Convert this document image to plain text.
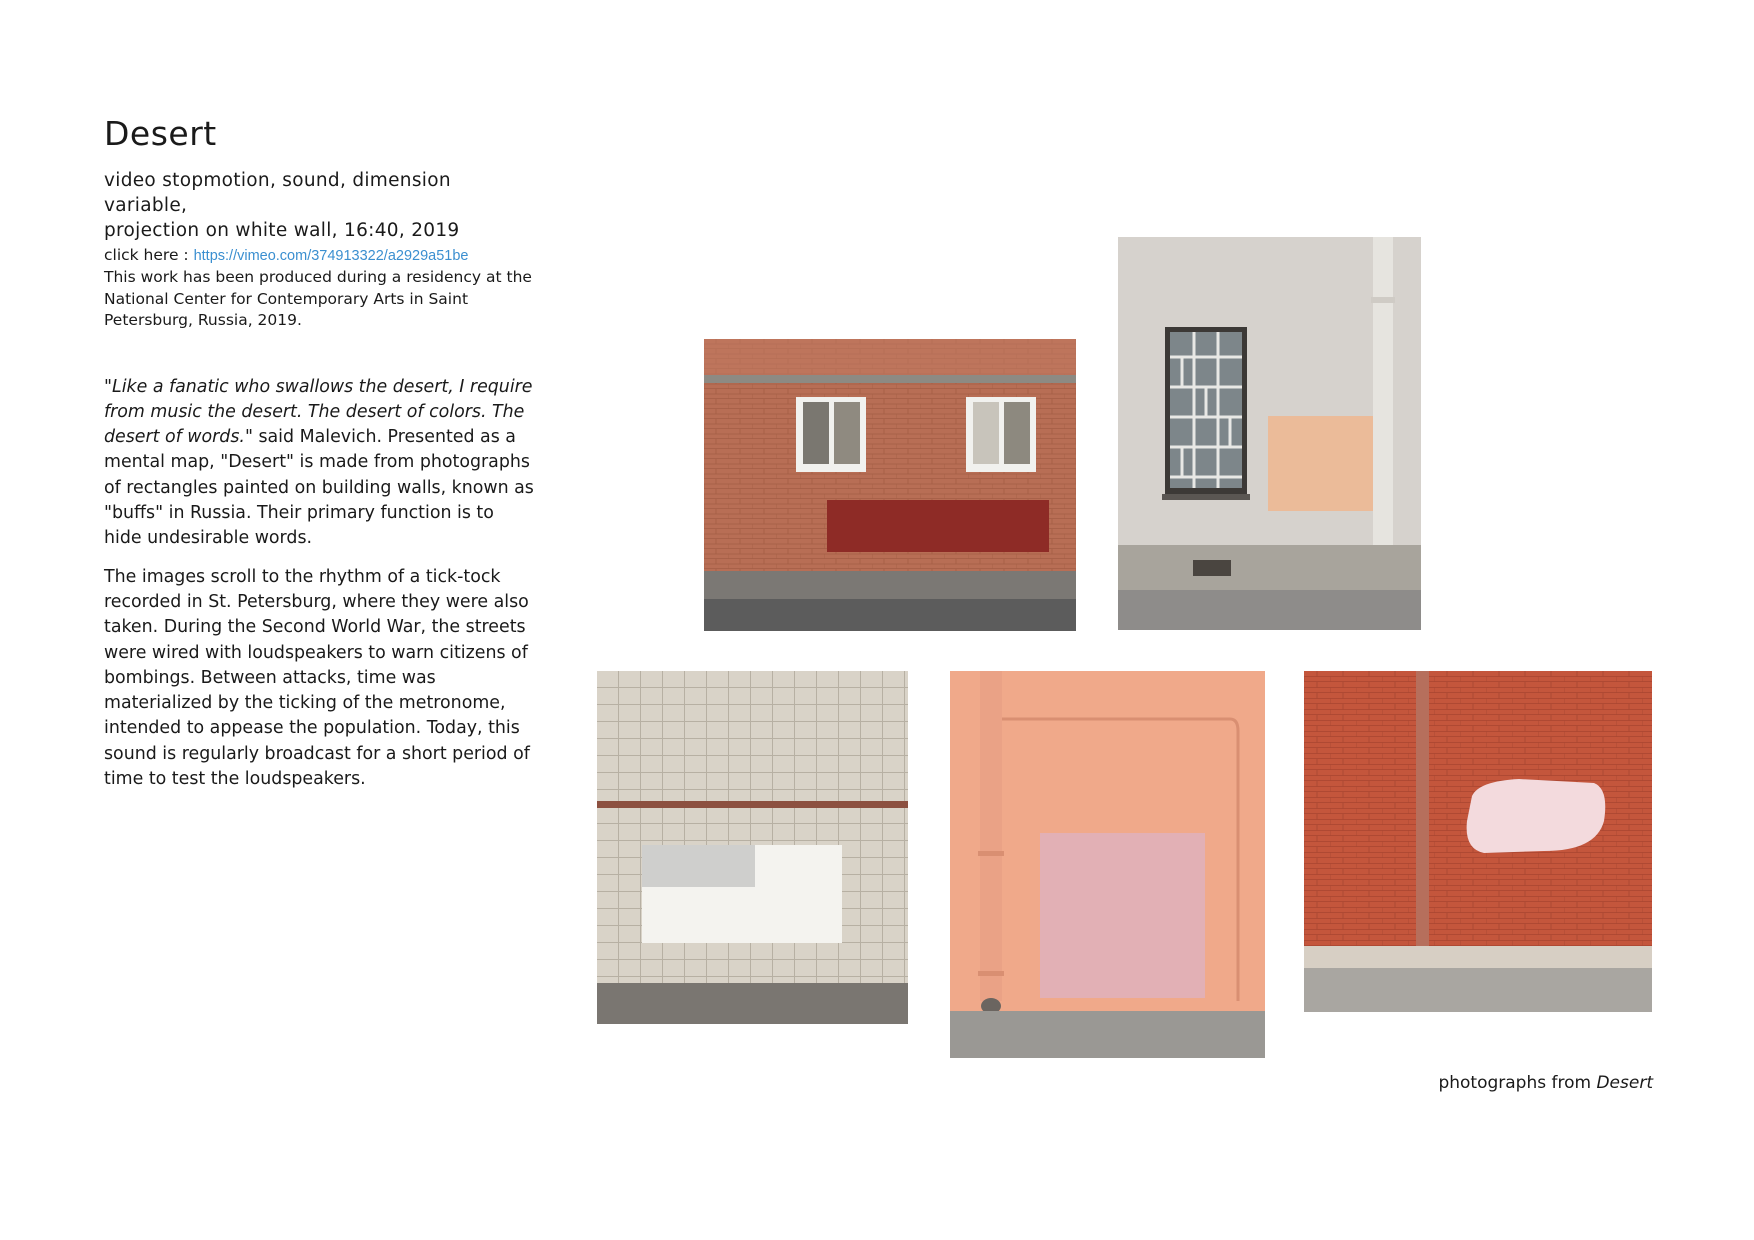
Desert

video stopmotion, sound, dimension variable,

projection on white wall, 16:40, 2019

click here : https://vimeo.com/374913322/a2929a51be

This work has been produced during a residency at the National Center for Contemporary Arts in Saint Petersburg, Russia, 2019.

"Like a fanatic who swallows the desert, I require from music the desert. The desert of colors. The desert of words." said Malevich. Presented as a mental map, "Desert" is made from photographs of rectangles painted on building walls, known as "buffs" in Russia. Their primary function is to hide undesirable words.

The images scroll to the rhythm of a tick-tock recorded in St. Petersburg, where they were also taken. During the Second World War, the streets were wired with loudspeakers to warn citizens of bombings. Between attacks, time was materialized by the ticking of the metronome, intended to appease the population. Today, this sound is regularly broadcast for a short period of time to test the loudspeakers.

photographs from Desert
